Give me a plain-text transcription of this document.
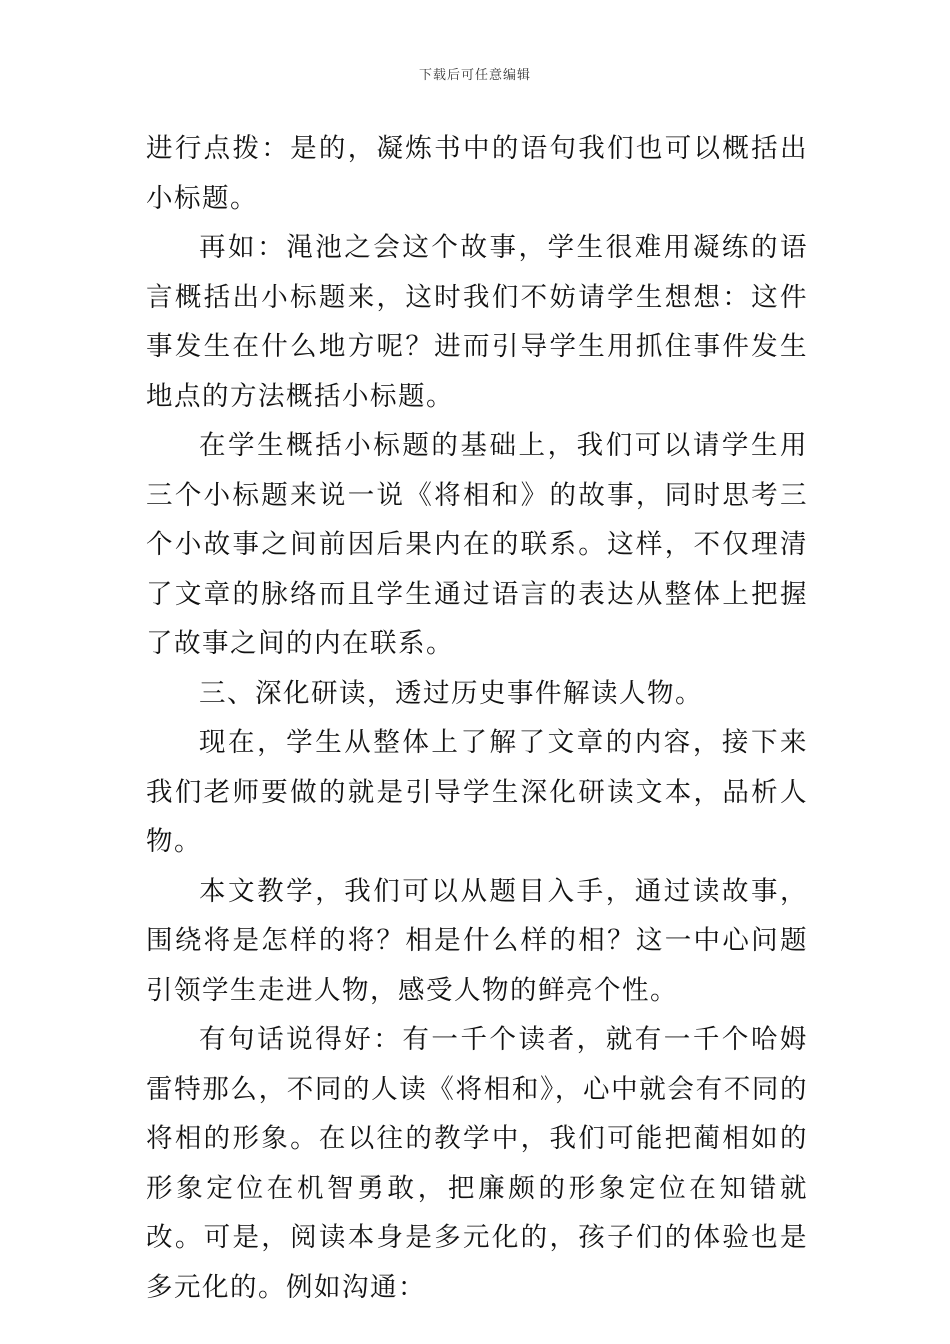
下载后可任意编辑

进行点拨：是的，凝炼书中的语句我们也可以概括出小标题。

再如：渑池之会这个故事，学生很难用凝练的语言概括出小标题来，这时我们不妨请学生想想：这件事发生在什么地方呢？进而引导学生用抓住事件发生地点的方法概括小标题。

在学生概括小标题的基础上，我们可以请学生用三个小标题来说一说《将相和》的故事，同时思考三个小故事之间前因后果内在的联系。这样，不仅理清了文章的脉络而且学生通过语言的表达从整体上把握了故事之间的内在联系。

三、深化研读，透过历史事件解读人物。

现在，学生从整体上了解了文章的内容，接下来我们老师要做的就是引导学生深化研读文本，品析人物。

本文教学，我们可以从题目入手，通过读故事，围绕将是怎样的将？相是什么样的相？这一中心问题引领学生走进人物，感受人物的鲜亮个性。

有句话说得好：有一千个读者，就有一千个哈姆雷特那么，不同的人读《将相和》，心中就会有不同的将相的形象。在以往的教学中，我们可能把蔺相如的形象定位在机智勇敢，把廉颇的形象定位在知错就改。可是，阅读本身是多元化的，孩子们的体验也是多元化的。例如沟通：
